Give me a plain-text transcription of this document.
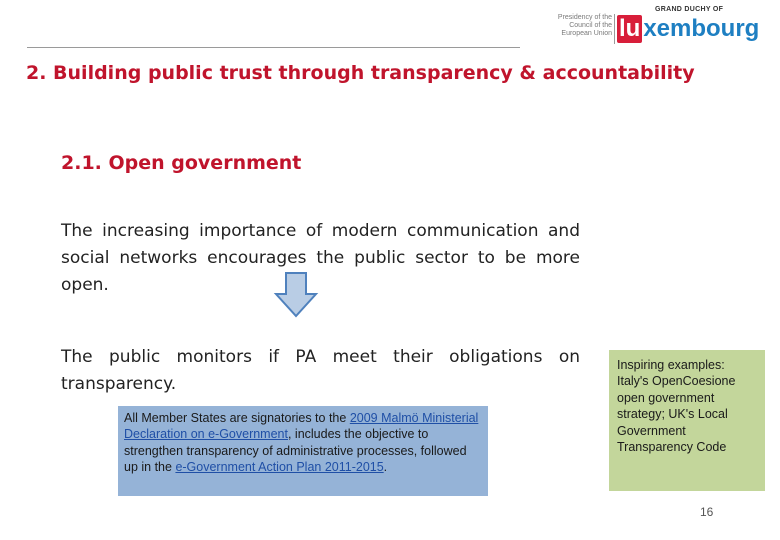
Presidency of the Council of the European Union
GRAND DUCHY OF
lu xembourg
2. Building public trust through transparency & accountability
2.1. Open government
The increasing importance of modern communication and social networks encourages the public sector to be more open.
The public monitors if PA meet their obligations on transparency.
All Member States are signatories to the 2009 Malmö Ministerial Declaration on e-Government, includes the objective to strengthen transparency of administrative processes, followed up in the e-Government Action Plan 2011-2015.
Inspiring examples: Italy's OpenCoesione open government strategy; UK's Local Government Transparency Code
16
